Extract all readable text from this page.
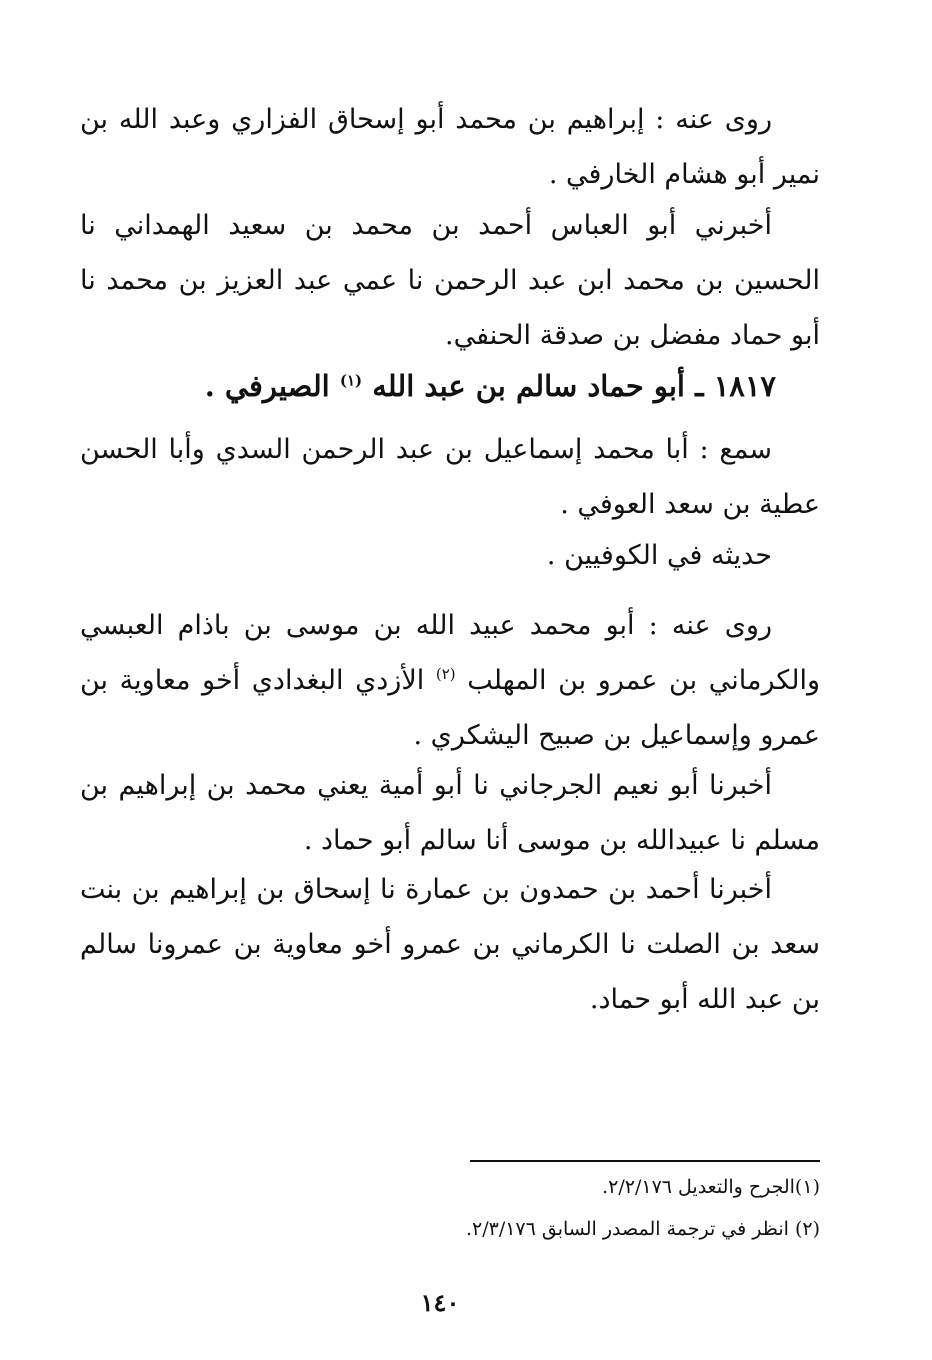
روى عنه : إبراهيم بن محمد أبو إسحاق الفزاري وعبد الله بن نمير أبو هشام الخارفي .

أخبرني أبو العباس أحمد بن محمد بن سعيد الهمداني نا الحسين بن محمد ابن عبد الرحمن نا عمي عبد العزيز بن محمد نا أبو حماد مفضل بن صدقة الحنفي.

١٨١٧ ـ أبو حماد سالم بن عبد الله $^{(١)}$ الصيرفي .

سمع : أبا محمد إسماعيل بن عبد الرحمن السدي وأبا الحسن عطية بن سعد العوفي .

حديثه في الكوفيين .

روى عنه : أبو محمد عبيد الله بن موسى بن باذام العبسي والكرماني بن عمرو بن المهلب $^{(٢)}$ الأزدي البغدادي أخو معاوية بن عمرو وإسماعيل بن صبيح اليشكري .

أخبرنا أبو نعيم الجرجاني نا أبو أمية يعني محمد بن إبراهيم بن مسلم نا عبيدالله بن موسى أنا سالم أبو حماد .

أخبرنا أحمد بن حمدون بن عمارة نا إسحاق بن إبراهيم بن بنت سعد بن الصلت نا الكرماني بن عمرو أخو معاوية بن عمرونا سالم بن عبد الله أبو حماد.

(١)الجرح والتعديل ٢/٢/١٧٦.
(٢) انظر في ترجمة المصدر السابق ٢/٣/١٧٦.
١٤٠
